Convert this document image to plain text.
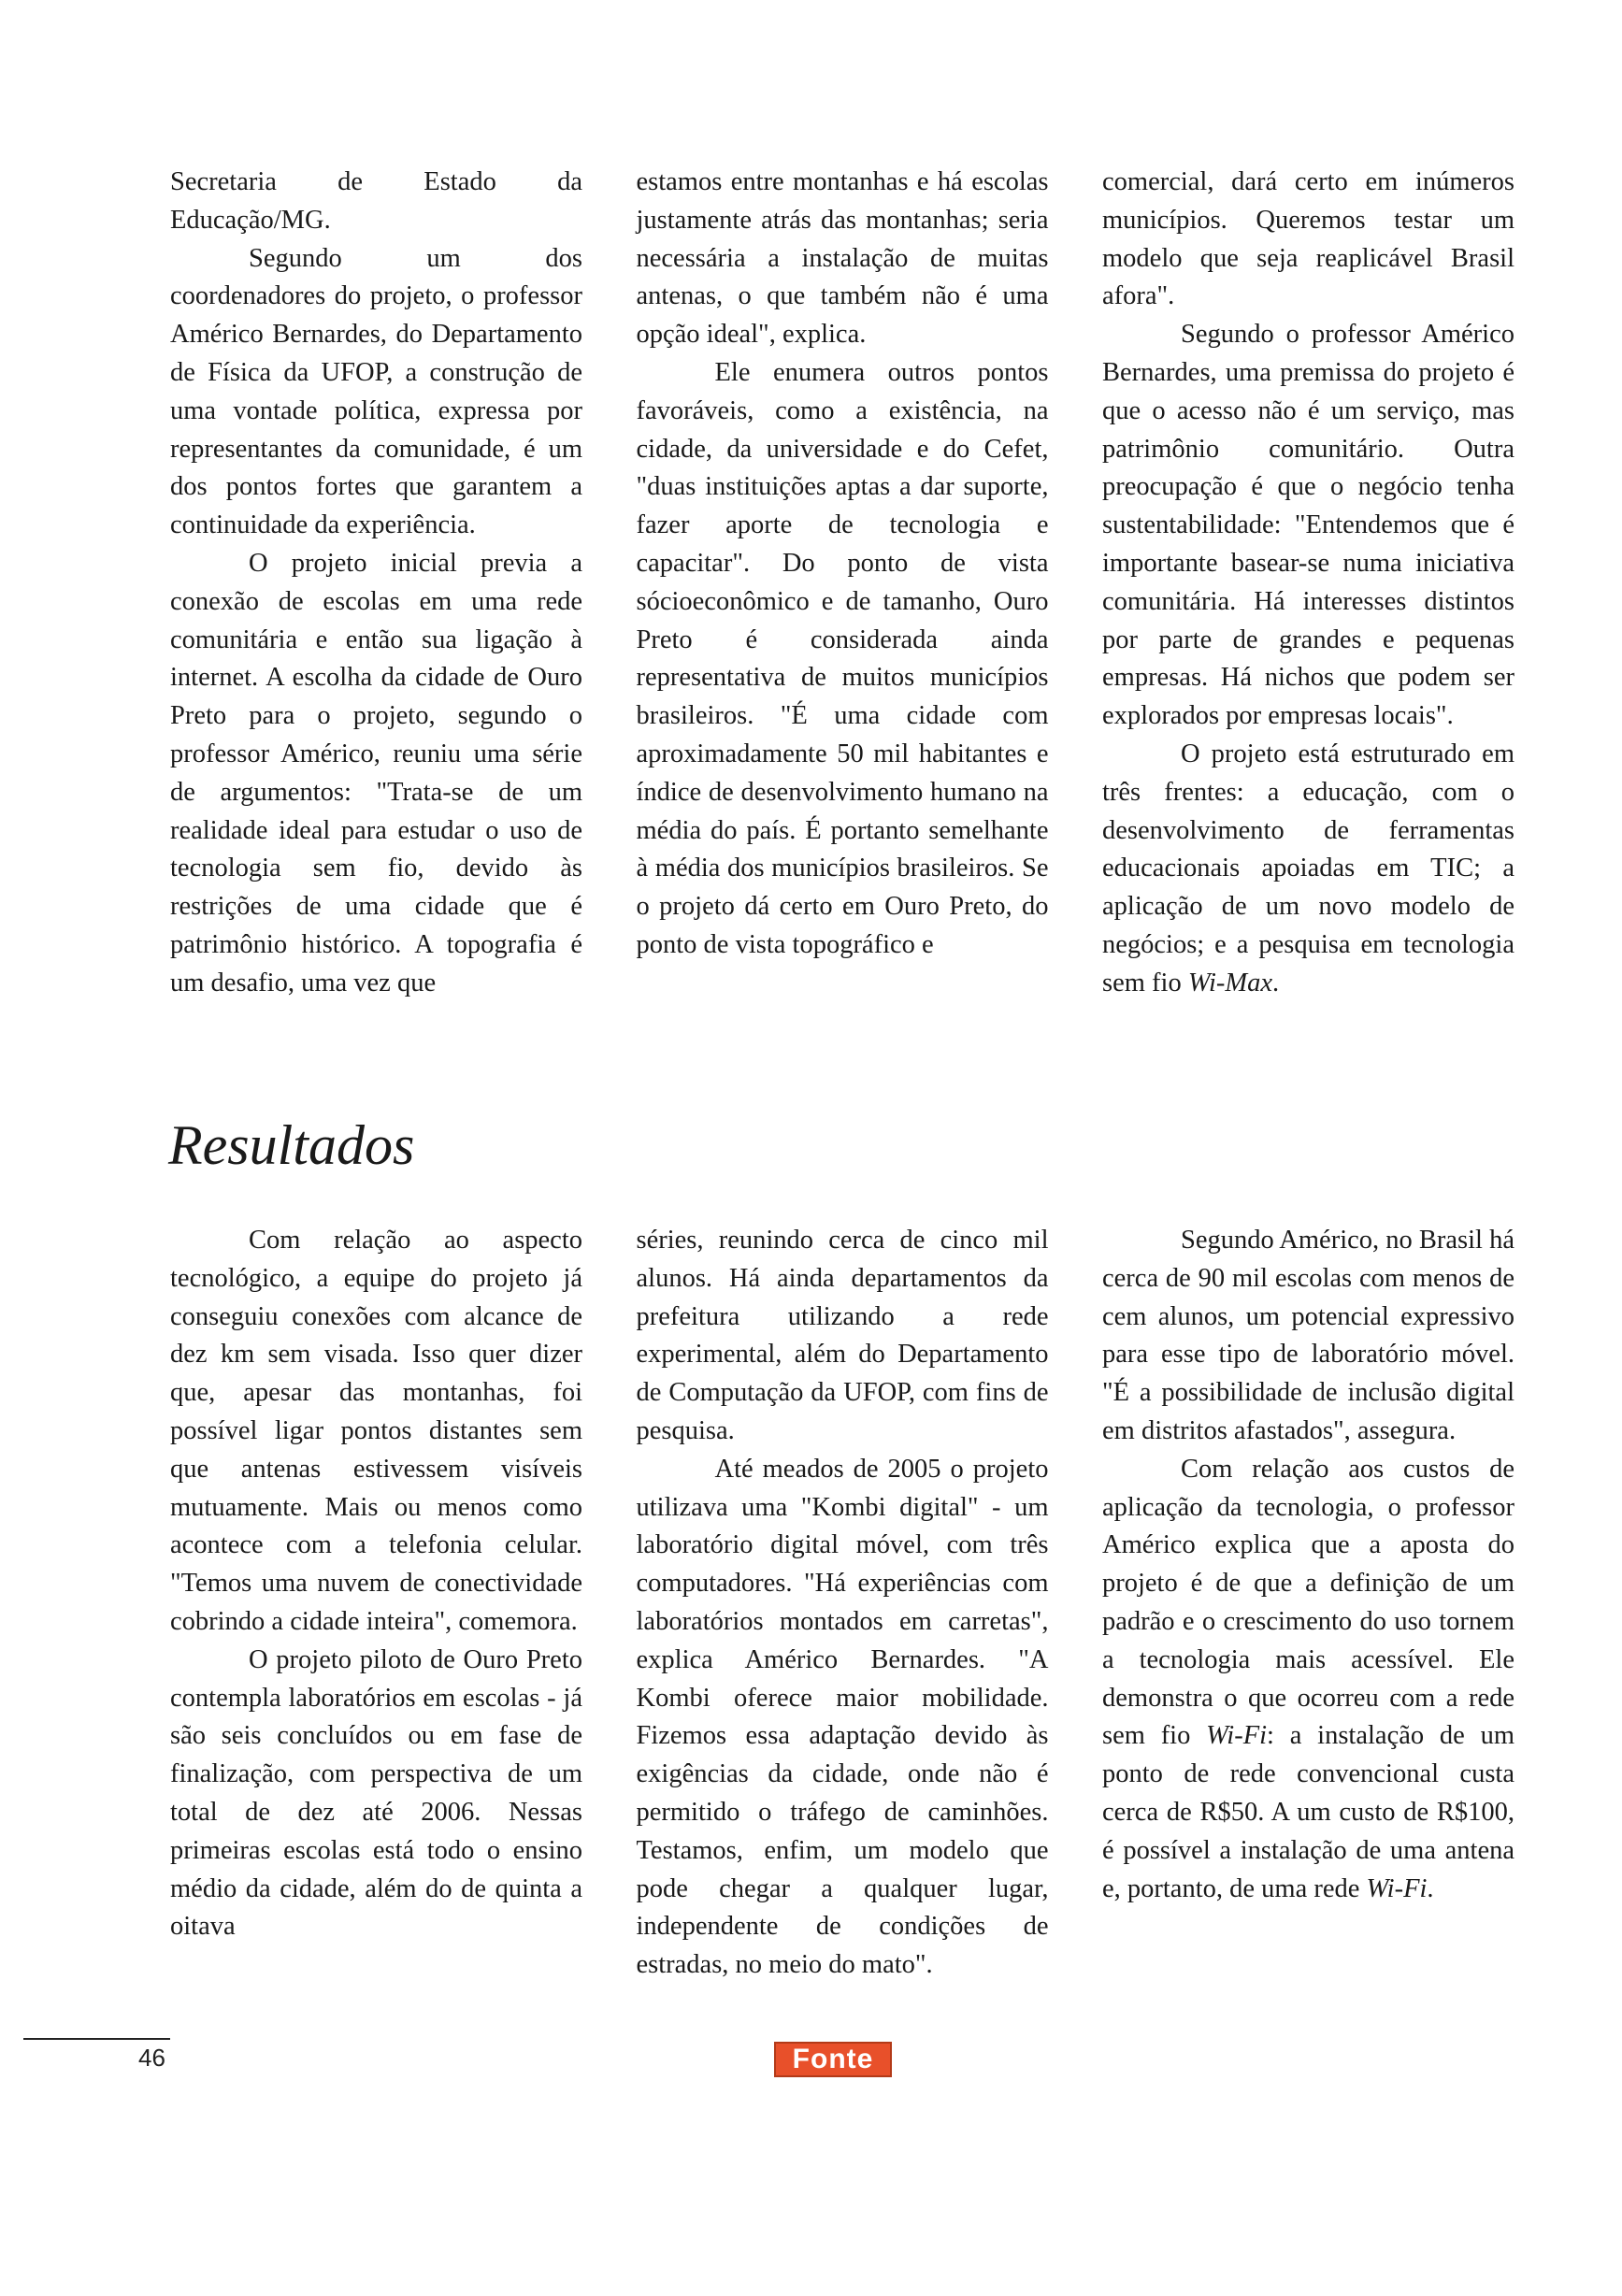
Secretaria de Estado da Educação/MG.

Segundo um dos coordenadores do projeto, o professor Américo Bernardes, do Departamento de Física da UFOP, a construção de uma vontade política, expressa por representantes da comunidade, é um dos pontos fortes que garantem a continuidade da experiência.

O projeto inicial previa a conexão de escolas em uma rede comunitária e então sua ligação à internet. A escolha da cidade de Ouro Preto para o projeto, segundo o professor Américo, reuniu uma série de argumentos: "Trata-se de um realidade ideal para estudar o uso de tecnologia sem fio, devido às restrições de uma cidade que é patrimônio histórico. A topografia é um desafio, uma vez que

estamos entre montanhas e há escolas justamente atrás das montanhas; seria necessária a instalação de muitas antenas, o que também não é uma opção ideal", explica.

Ele enumera outros pontos favoráveis, como a existência, na cidade, da universidade e do Cefet, "duas instituições aptas a dar suporte, fazer aporte de tecnologia e capacitar". Do ponto de vista sócioeconômico e de tamanho, Ouro Preto é considerada ainda representativa de muitos municípios brasileiros. "É uma cidade com aproximadamente 50 mil habitantes e índice de desenvolvimento humano na média do país. É portanto semelhante à média dos municípios brasileiros. Se o projeto dá certo em Ouro Preto, do ponto de vista topográfico e

comercial, dará certo em inúmeros municípios. Queremos testar um modelo que seja reaplicável Brasil afora".

Segundo o professor Américo Bernardes, uma premissa do projeto é que o acesso não é um serviço, mas patrimônio comunitário. Outra preocupação é que o negócio tenha sustentabilidade: "Entendemos que é importante basear-se numa iniciativa comunitária. Há interesses distintos por parte de grandes e pequenas empresas. Há nichos que podem ser explorados por empresas locais".

O projeto está estruturado em três frentes: a educação, com o desenvolvimento de ferramentas educacionais apoiadas em TIC; a aplicação de um novo modelo de negócios; e a pesquisa em tecnologia sem fio Wi-Max.

Resultados

Com relação ao aspecto tecnológico, a equipe do projeto já conseguiu conexões com alcance de dez km sem visada. Isso quer dizer que, apesar das montanhas, foi possível ligar pontos distantes sem que antenas estivessem visíveis mutuamente. Mais ou menos como acontece com a telefonia celular. "Temos uma nuvem de conectividade cobrindo a cidade inteira", comemora.

O projeto piloto de Ouro Preto contempla laboratórios em escolas - já são seis concluídos ou em fase de finalização, com perspectiva de um total de dez até 2006. Nessas primeiras escolas está todo o ensino médio da cidade, além do de quinta a oitava

séries, reunindo cerca de cinco mil alunos. Há ainda departamentos da prefeitura utilizando a rede experimental, além do Departamento de Computação da UFOP, com fins de pesquisa.

Até meados de 2005 o projeto utilizava uma "Kombi digital" - um laboratório digital móvel, com três computadores. "Há experiências com laboratórios montados em carretas", explica Américo Bernardes. "A Kombi oferece maior mobilidade. Fizemos essa adaptação devido às exigências da cidade, onde não é permitido o tráfego de caminhões. Testamos, enfim, um modelo que pode chegar a qualquer lugar, independente de condições de estradas, no meio do mato".

Segundo Américo, no Brasil há cerca de 90 mil escolas com menos de cem alunos, um potencial expressivo para esse tipo de laboratório móvel. "É a possibilidade de inclusão digital em distritos afastados", assegura.

Com relação aos custos de aplicação da tecnologia, o professor Américo explica que a aposta do projeto é de que a definição de um padrão e o crescimento do uso tornem a tecnologia mais acessível. Ele demonstra o que ocorreu com a rede sem fio Wi-Fi: a instalação de um ponto de rede convencional custa cerca de R$50. A um custo de R$100, é possível a instalação de uma antena e, portanto, de uma rede Wi-Fi.

46	Fonte
